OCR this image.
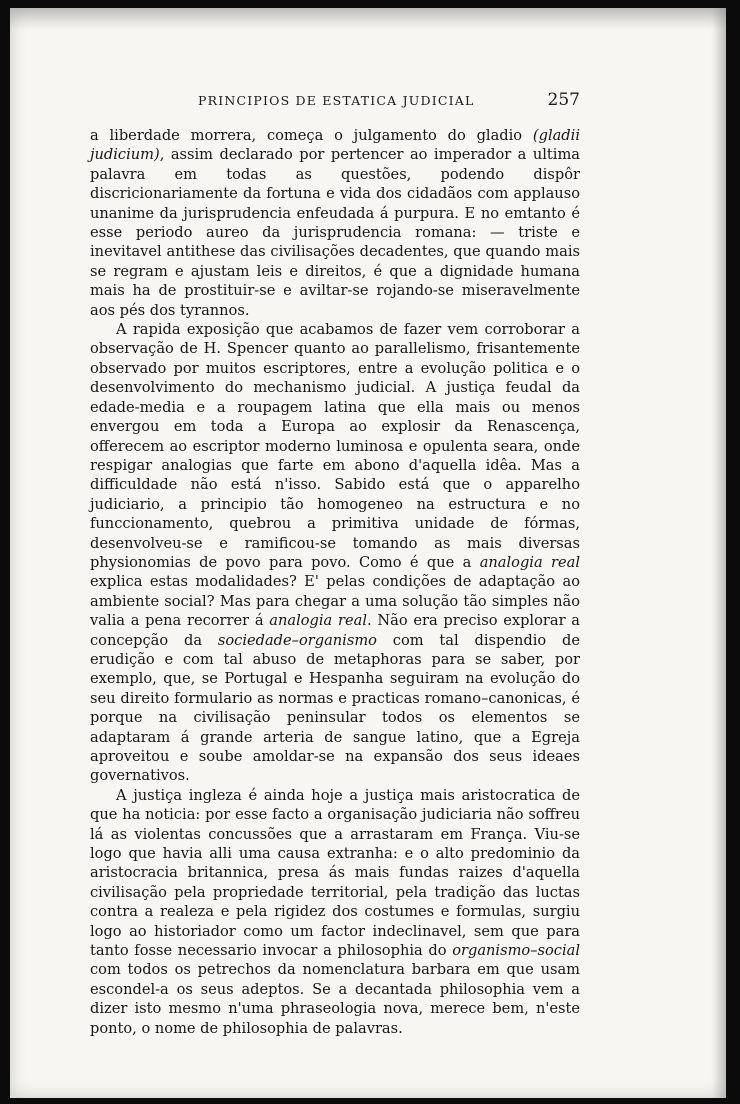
PRINCIPIOS DE ESTATICA JUDICIAL	257

a liberdade morrera, começa o julgamento do gladio (gladii judicium), assim declarado por pertencer ao imperador a ultima palavra em todas as questões, podendo dispôr discricionariamente da fortuna e vida dos cidadãos com applauso unanime da jurisprudencia enfeudada á purpura. E no emtanto é esse periodo aureo da jurisprudencia romana: — triste e inevitavel antithese das civilisações decadentes, que quando mais se regram e ajustam leis e direitos, é que a dignidade humana mais ha de prostituir-se e aviltar-se rojando-se miseravelmente aos pés dos tyrannos.

A rapida exposição que acabamos de fazer vem corroborar a observação de H. Spencer quanto ao parallelismo, frisantemente observado por muitos escriptores, entre a evolução politica e o desenvolvimento do mechanismo judicial. A justiça feudal da edade-media e a roupagem latina que ella mais ou menos envergou em toda a Europa ao explosir da Renascença, offerecem ao escriptor moderno luminosa e opulenta seara, onde respigar analogias que farte em abono d'aquella idêa. Mas a difficuldade não está n'isso. Sabido está que o apparelho judiciario, a principio tão homogeneo na estructura e no funccionamento, quebrou a primitiva unidade de fórmas, desenvolveu-se e ramificou-se tomando as mais diversas physionomias de povo para povo. Como é que a analogia real explica estas modalidades? E' pelas condições de adaptação ao ambiente social? Mas para chegar a uma solução tão simples não valia a pena recorrer á analogia real. Não era preciso explorar a concepção da sociedade–organismo com tal dispendio de erudição e com tal abuso de metaphoras para se saber, por exemplo, que, se Portugal e Hespanha seguiram na evolução do seu direito formulario as normas e practicas romano–canonicas, é porque na civilisação peninsular todos os elementos se adaptaram á grande arteria de sangue latino, que a Egreja aproveitou e soube amoldar-se na expansão dos seus ideaes governativos.

A justiça ingleza é ainda hoje a justiça mais aristocratica de que ha noticia: por esse facto a organisação judiciaria não soffreu lá as violentas concussões que a arrastaram em França. Viu-se logo que havia alli uma causa extranha: e o alto predominio da aristocracia britannica, presa ás mais fundas raizes d'aquella civilisação pela propriedade territorial, pela tradição das luctas contra a realeza e pela rigidez dos costumes e formulas, surgiu logo ao historiador como um factor indeclinavel, sem que para tanto fosse necessario invocar a philosophia do organismo–social com todos os petrechos da nomenclatura barbara em que usam escondel-a os seus adeptos. Se a decantada philosophia vem a dizer isto mesmo n'uma phraseologia nova, merece bem, n'este ponto, o nome de philosophia de palavras.
